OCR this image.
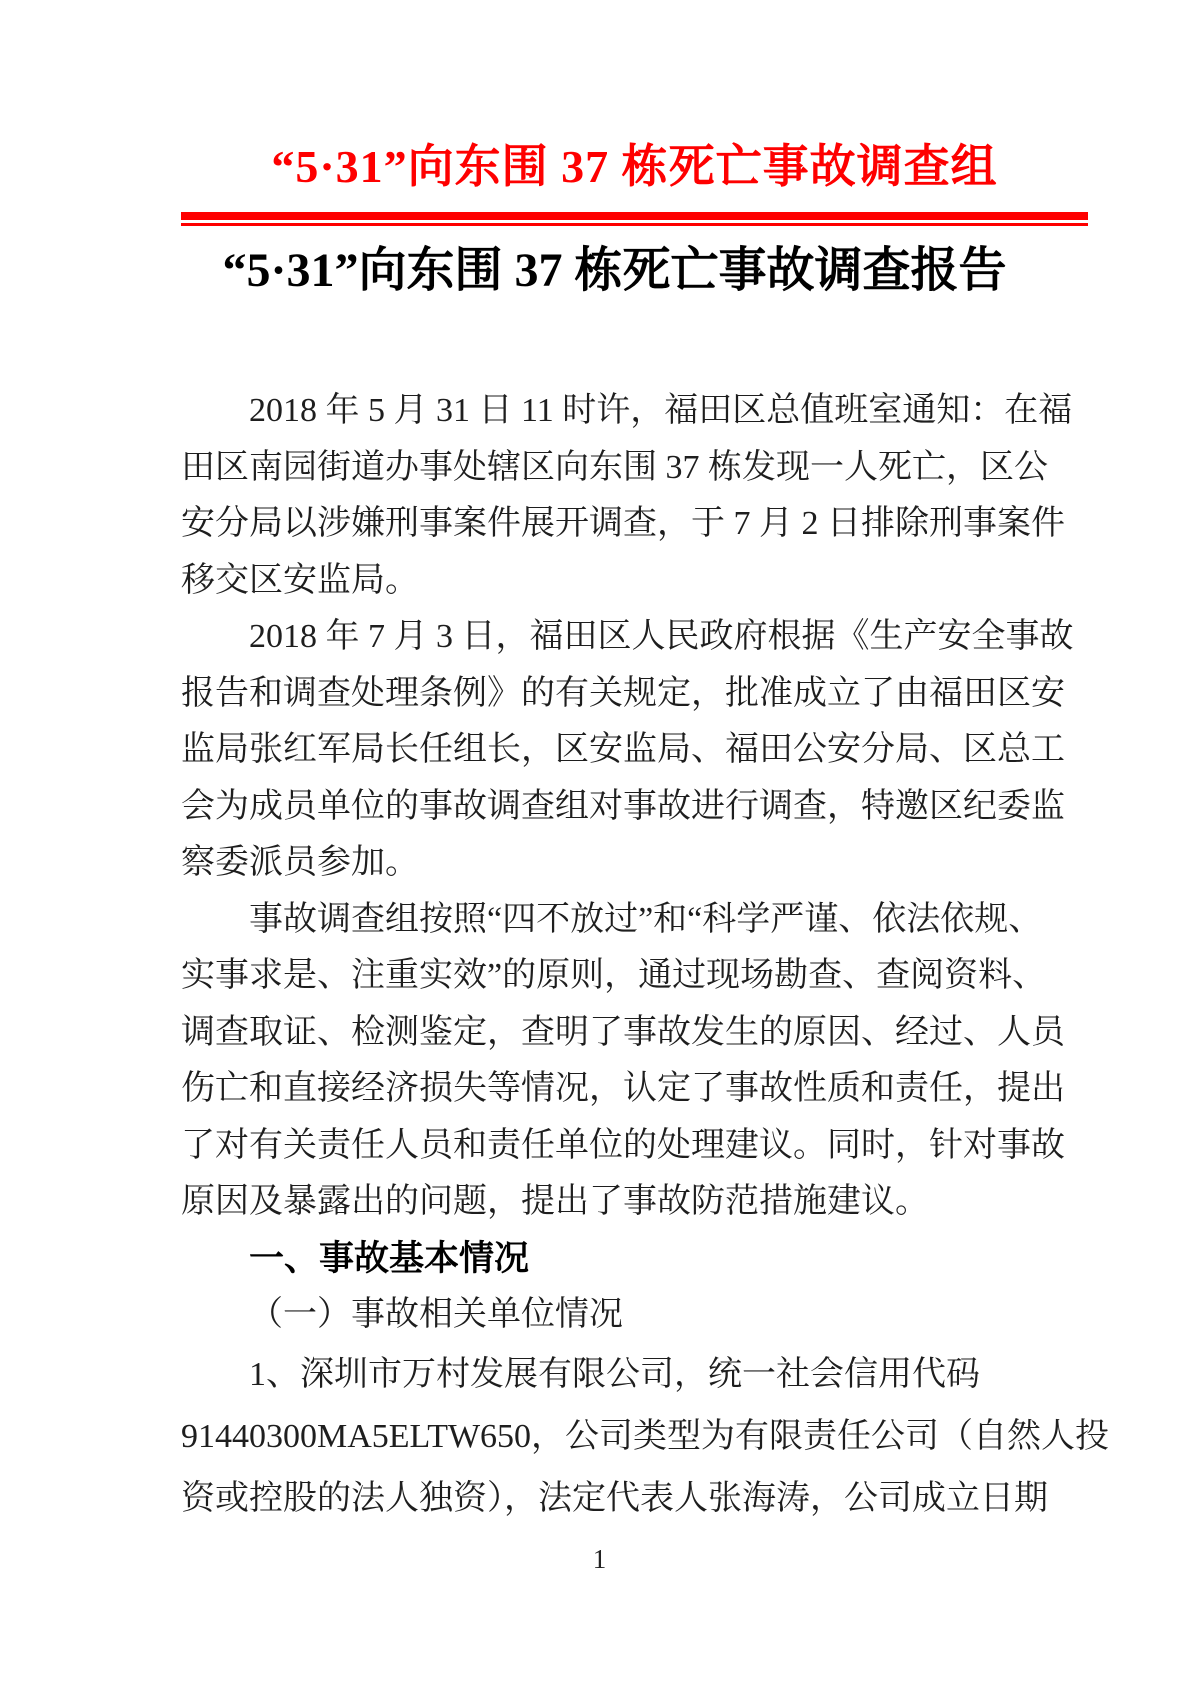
“5·31”向东围 37 栋死亡事故调查组
“5·31”向东围 37 栋死亡事故调查报告
2018 年 5 月 31 日 11 时许，福田区总值班室通知：在福
田区南园街道办事处辖区向东围 37 栋发现一人死亡，区公
安分局以涉嫌刑事案件展开调查，于 7 月 2 日排除刑事案件
移交区安监局。
2018 年 7 月 3 日，福田区人民政府根据《生产安全事故
报告和调查处理条例》的有关规定，批准成立了由福田区安
监局张红军局长任组长，区安监局、福田公安分局、区总工
会为成员单位的事故调查组对事故进行调查，特邀区纪委监
察委派员参加。
事故调查组按照“四不放过”和“科学严谨、依法依规、
实事求是、注重实效”的原则，通过现场勘查、查阅资料、
调查取证、检测鉴定，查明了事故发生的原因、经过、人员
伤亡和直接经济损失等情况，认定了事故性质和责任，提出
了对有关责任人员和责任单位的处理建议。同时，针对事故
原因及暴露出的问题，提出了事故防范措施建议。
一、事故基本情况
（一）事故相关单位情况
1、深圳市万村发展有限公司，统一社会信用代码
91440300MA5ELTW650，公司类型为有限责任公司（自然人投
资或控股的法人独资），法定代表人张海涛，公司成立日期
1
